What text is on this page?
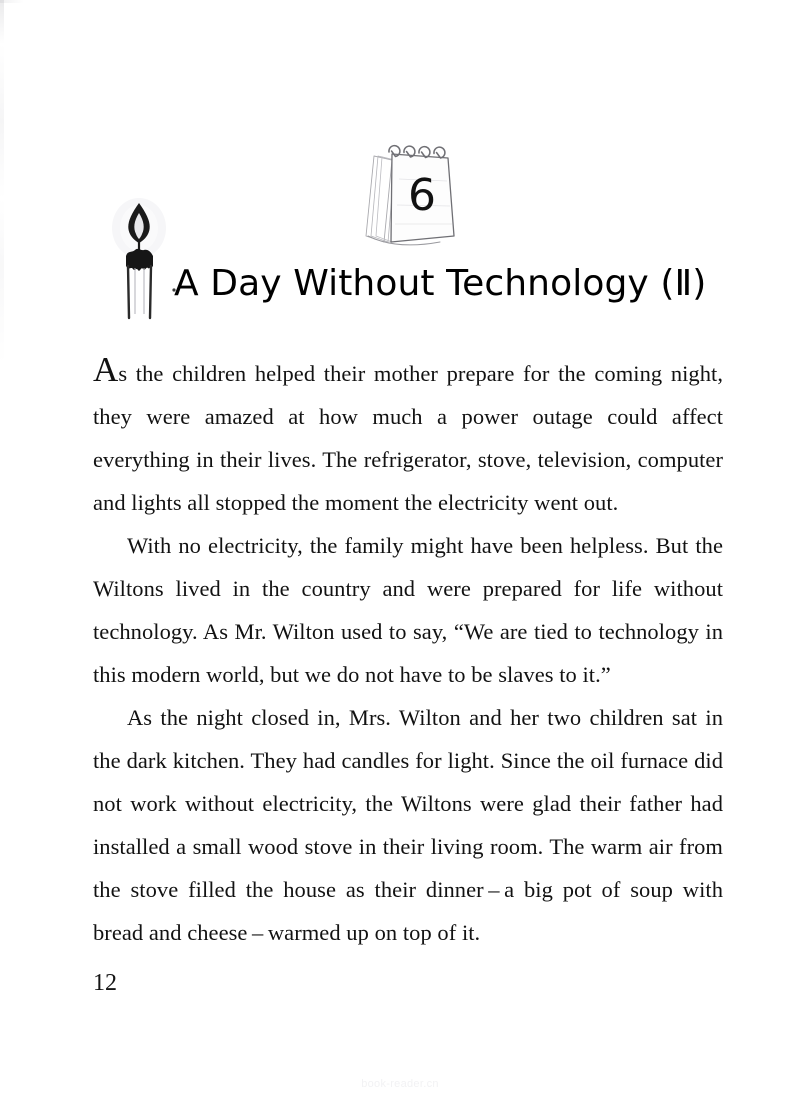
6
A Day Without Technology (Ⅱ)

As the children helped their mother prepare for the coming night, they were amazed at how much a power outage could affect everything in their lives. The refrigerator, stove, television, computer and lights all stopped the moment the electricity went out.

With no electricity, the family might have been helpless. But the Wiltons lived in the country and were prepared for life without technology. As Mr. Wilton used to say, “We are tied to technology in this modern world, but we do not have to be slaves to it.”

As the night closed in, Mrs. Wilton and her two children sat in the dark kitchen. They had candles for light. Since the oil furnace did not work without electricity, the Wiltons were glad their father had installed a small wood stove in their living room. The warm air from the stove filled the house as their dinner – a big pot of soup with bread and cheese – warmed up on top of it.

12
book-reader.cn
